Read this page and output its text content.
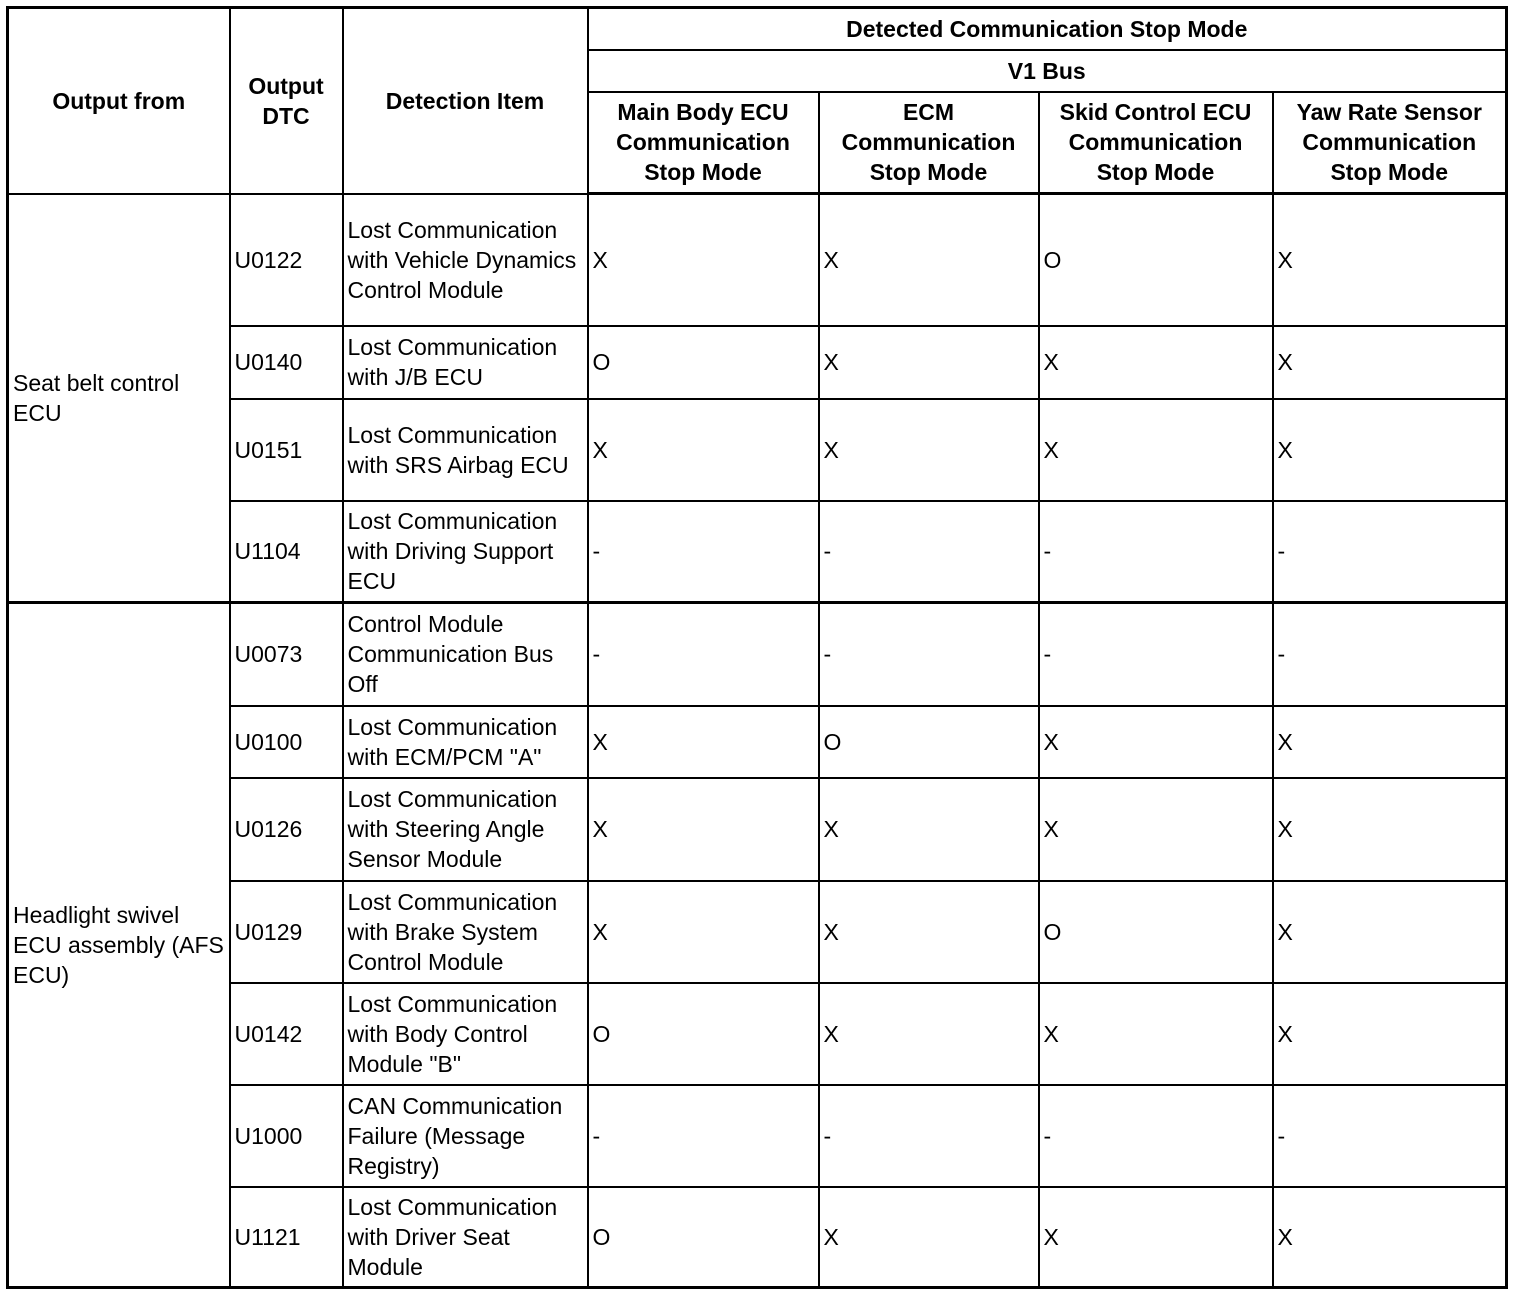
Output from	Output DTC	Detection Item	Detected Communication Stop Mode			
			V1 Bus			
			Main Body ECU Communication Stop Mode	ECM Communication Stop Mode	Skid Control ECU Communication Stop Mode	Yaw Rate Sensor Communication Stop Mode
Seat belt control ECU	U0122	Lost Communication with Vehicle Dynamics Control Module	X	X	O	X
	U0140	Lost Communication with J/B ECU	O	X	X	X
	U0151	Lost Communication with SRS Airbag ECU	X	X	X	X
	U1104	Lost Communication with Driving Support ECU	-	-	-	-
Headlight swivel ECU assembly (AFS ECU)	U0073	Control Module Communication Bus Off	-	-	-	-
	U0100	Lost Communication with ECM/PCM "A"	X	O	X	X
	U0126	Lost Communication with Steering Angle Sensor Module	X	X	X	X
	U0129	Lost Communication with Brake System Control Module	X	X	O	X
	U0142	Lost Communication with Body Control Module "B"	O	X	X	X
	U1000	CAN Communication Failure (Message Registry)	-	-	-	-
	U1121	Lost Communication with Driver Seat Module	O	X	X	X
